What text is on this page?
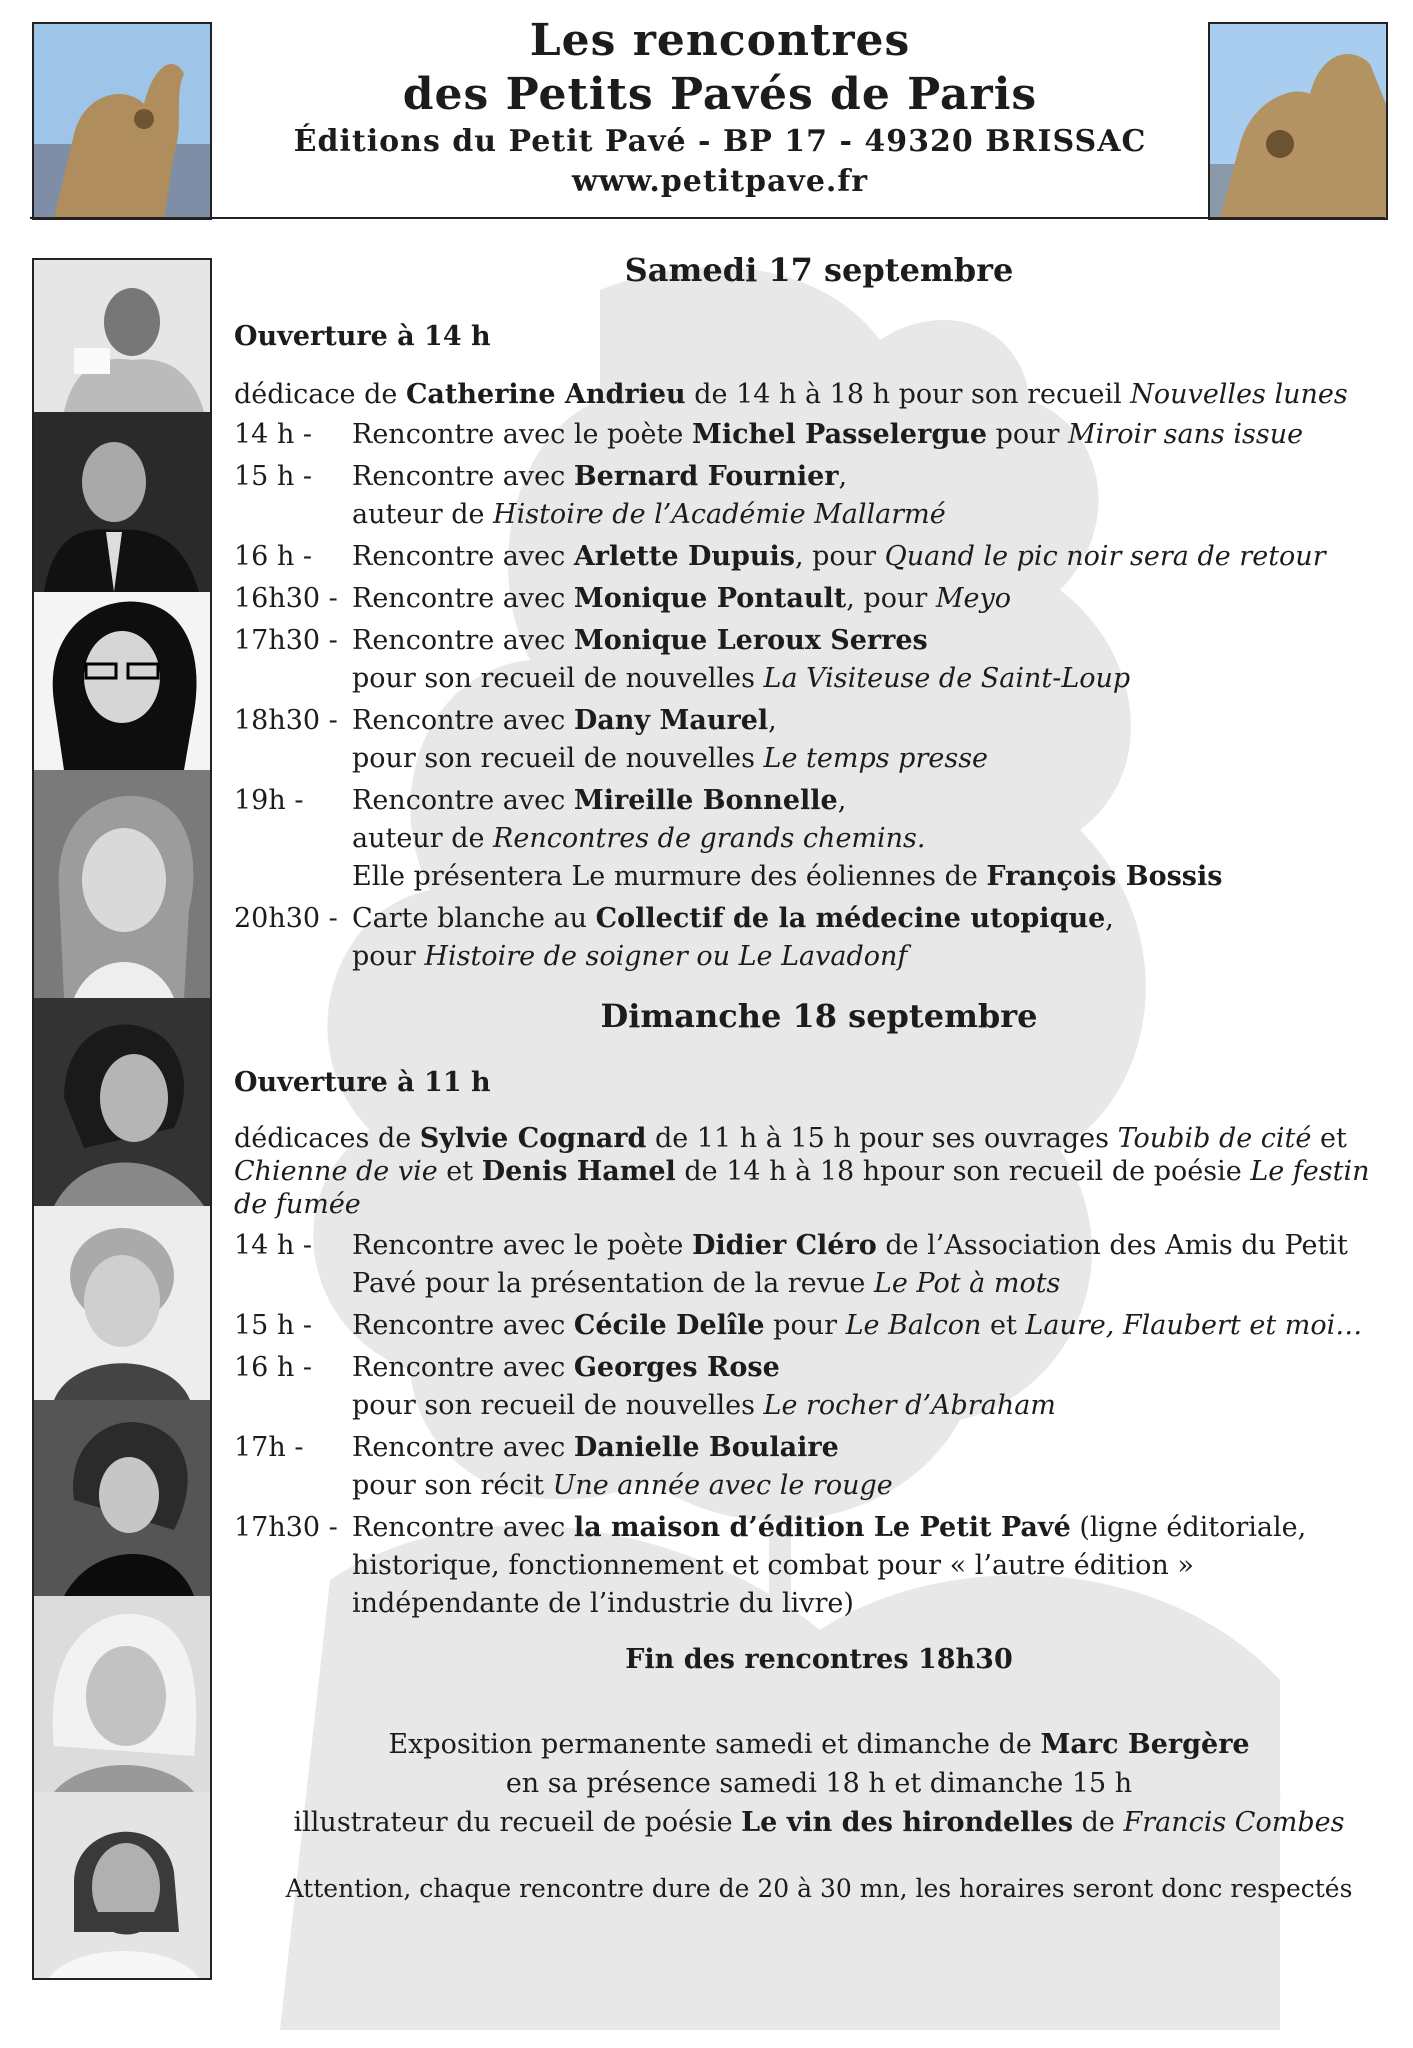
Les rencontres
des Petits Pavés de Paris
Éditions du Petit Pavé - BP 17 - 49320 BRISSAC
www.petitpave.fr
Samedi 17 septembre
Ouverture à 14 h
dédicace de Catherine Andrieu de 14 h à 18 h pour son recueil Nouvelles lunes
14 h -	Rencontre avec le poète Michel Passelergue pour Miroir sans issue
15 h -	Rencontre avec Bernard Fournier,
auteur de Histoire de l’Académie Mallarmé
16 h -	Rencontre avec Arlette Dupuis, pour Quand le pic noir sera de retour
16h30 - Rencontre avec Monique Pontault, pour Meyo
17h30 - Rencontre avec Monique Leroux Serres
pour son recueil de nouvelles La Visiteuse de Saint-Loup
18h30 - Rencontre avec Dany Maurel,
pour son recueil de nouvelles Le temps presse
19h -	Rencontre avec Mireille Bonnelle,
auteur de Rencontres de grands chemins.
Elle présentera Le murmure des éoliennes de François Bossis
20h30 - Carte blanche au Collectif de la médecine utopique,
pour Histoire de soigner ou Le Lavadonf
Dimanche 18 septembre
Ouverture à 11 h
dédicaces de Sylvie Cognard de 11 h à 15 h pour ses ouvrages Toubib de cité et Chienne de vie et Denis Hamel de 14 h à 18 hpour son recueil de poésie Le festin de fumée
14 h -	Rencontre avec le poète Didier Cléro de l’Association des Amis du Petit Pavé pour la présentation de la revue Le Pot à mots
15 h -	Rencontre avec Cécile Delîle pour Le Balcon et Laure, Flaubert et moi…
16 h -	Rencontre avec Georges Rose
pour son recueil de nouvelles Le rocher d’Abraham
17h -	Rencontre avec Danielle Boulaire
pour son récit Une année avec le rouge
17h30 - Rencontre avec la maison d’édition Le Petit Pavé (ligne éditoriale, historique, fonctionnement et combat pour « l’autre édition » indépendante de l’industrie du livre)
Fin des rencontres 18h30
Exposition permanente samedi et dimanche de Marc Bergère
en sa présence samedi 18 h et dimanche 15 h
illustrateur du recueil de poésie Le vin des hirondelles de Francis Combes
Attention, chaque rencontre dure de 20 à 30 mn, les horaires seront donc respectés
